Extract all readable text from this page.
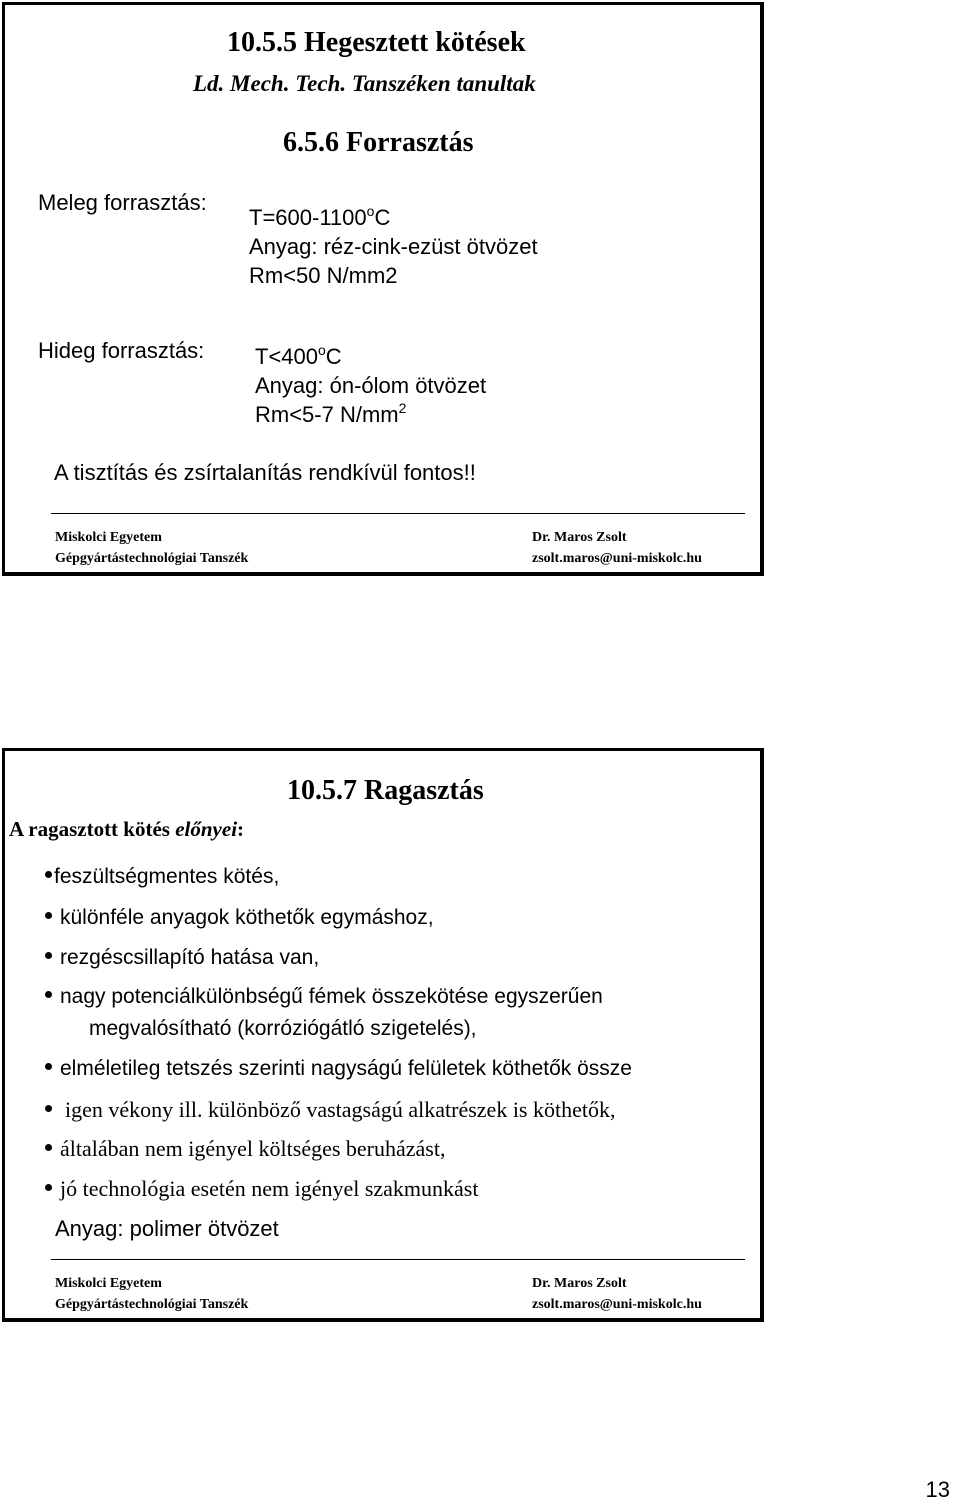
10.5.5 Hegesztett kötések
Ld. Mech. Tech. Tanszéken tanultak
6.5.6 Forrasztás
Meleg forrasztás:
$T=600-1100^oC$
Anyag: réz-cink-ezüst ötvözet
Rm<50 N/mm2
Hideg forrasztás: $T<400^oC$
Anyag: ón-ólom ötvözet
Rm<5-7 $N/mm^2$
A tisztítás és zsírtalanítás rendkívül fontos!!
Miskolci Egyetem
Gépgyártástechnológiai Tanszék
Dr. Maros Zsolt
zsolt.maros@uni-miskolc.hu
10.5.7 Ragasztás
A ragasztott kötés előnyei:
feszültségmentes kötés,
különféle anyagok köthetők egymáshoz,
rezgéscsillapító hatása van,
nagy potenciálkülönbségű fémek összekötése egyszerűen
megvalósítható (korróziógátló szigetelés),
elméletileg tetszés szerinti nagyságú felületek köthetők össze
igen vékony ill. különböző vastagságú alkatrészek is köthetők,
általában nem igényel költséges beruházást,
jó technológia esetén nem igényel szakmunkást
Anyag: polimer ötvözet
Miskolci Egyetem
Gépgyártástechnológiai Tanszék
Dr. Maros Zsolt
zsolt.maros@uni-miskolc.hu
13
